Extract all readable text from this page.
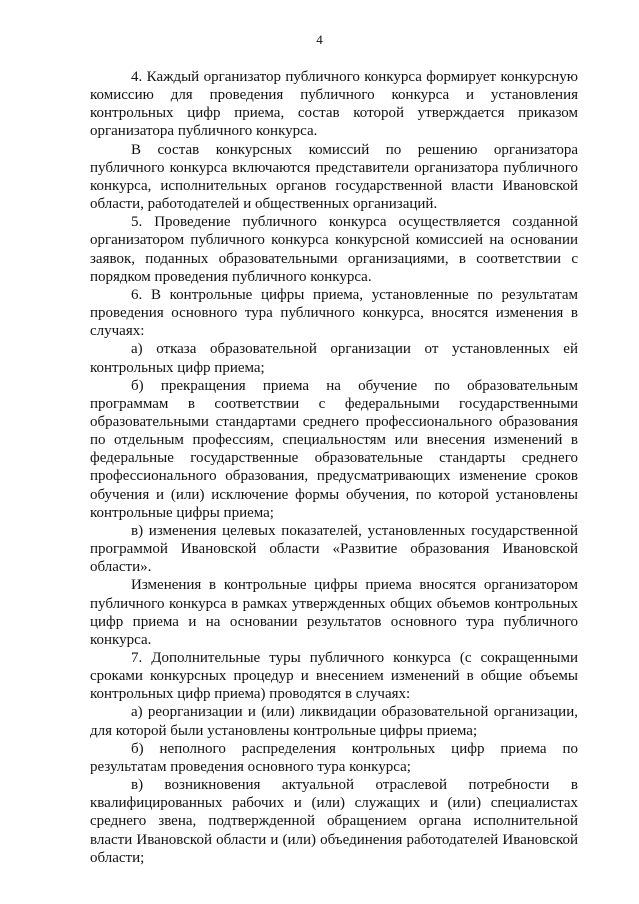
4

4. Каждый организатор публичного конкурса формирует конкурсную комиссию для проведения публичного конкурса и установления контрольных цифр приема, состав которой утверждается приказом организатора публичного конкурса.

В состав конкурсных комиссий по решению организатора публичного конкурса включаются представители организатора публичного конкурса, исполнительных органов государственной власти Ивановской области, работодателей и общественных организаций.

5. Проведение публичного конкурса осуществляется созданной организатором публичного конкурса конкурсной комиссией на основании заявок, поданных образовательными организациями, в соответствии с порядком проведения публичного конкурса.

6. В контрольные цифры приема, установленные по результатам проведения основного тура публичного конкурса, вносятся изменения в случаях:

а) отказа образовательной организации от установленных ей контрольных цифр приема;

б) прекращения приема на обучение по образовательным программам в соответствии с федеральными государственными образовательными стандартами среднего профессионального образования по отдельным профессиям, специальностям или внесения изменений в федеральные государственные образовательные стандарты среднего профессионального образования, предусматривающих изменение сроков обучения и (или) исключение формы обучения, по которой установлены контрольные цифры приема;

в) изменения целевых показателей, установленных государственной программой Ивановской области «Развитие образования Ивановской области».

Изменения в контрольные цифры приема вносятся организатором публичного конкурса в рамках утвержденных общих объемов контрольных цифр приема и на основании результатов основного тура публичного конкурса.

7. Дополнительные туры публичного конкурса (с сокращенными сроками конкурсных процедур и внесением изменений в общие объемы контрольных цифр приема) проводятся в случаях:

а) реорганизации и (или) ликвидации образовательной организации, для которой были установлены контрольные цифры приема;

б) неполного распределения контрольных цифр приема по результатам проведения основного тура конкурса;

в) возникновения актуальной отраслевой потребности в квалифицированных рабочих и (или) служащих и (или) специалистах среднего звена, подтвержденной обращением органа исполнительной власти Ивановской области и (или) объединения работодателей Ивановской области;
